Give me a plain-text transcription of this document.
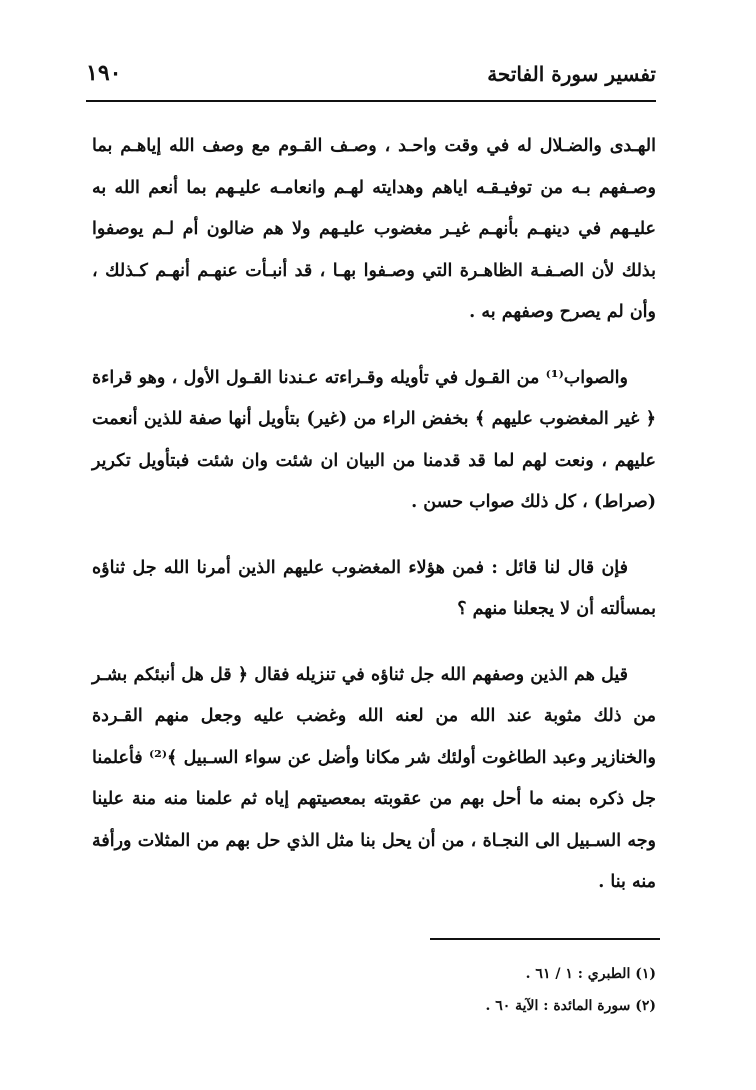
تفسير سورة الفاتحة
١٩٠

الهـدى والضـلال له في وقت واحـد ، وصـف القـوم مع وصف الله إياهـم بما وصـفهم بـه من توفيـقـه اياهم وهدايته لهـم وانعامـه عليـهم بما أنعم الله به عليـهم في دينهـم بأنهـم غيـر مغضوب عليـهم ولا هم ضالون أم لـم يوصفوا بذلك لأن الصـفـة الظاهـرة التي وصـفوا بهـا ، قد أنبـأت عنهـم أنهـم كـذلك ، وأن لم يصرح وصفهم به .

والصواب⁽¹⁾ من القـول في تأويله وقـراءته عـندنا القـول الأول ، وهو قراءة ﴿ غير المغضوب عليهم ﴾ بخفض الراء من (غير) بتأويل أنها صفة للذين أنعمت عليهم ، ونعت لهم لما قد قدمنا من البيان ان شئت وان شئت فبتأويل تكرير (صراط) ، كل ذلك صواب حسن .

فإن قال لنا قائل : فمن هؤلاء المغضوب عليهم الذين أمرنا الله جل ثناؤه بمسألته أن لا يجعلنا منهم ؟

قيل هم الذين وصفهم الله جل ثناؤه في تنزيله فقال ﴿ قل هل أنبئكم بشـر من ذلك مثوبة عند الله من لعنه الله وغضب عليه وجعل منهم القـردة والخنازير وعبد الطاغوت أولئك شر مكانا وأضل عن سواء السـبيل ﴾⁽²⁾ فأعلمنا جل ذكره بمنه ما أحل بهم من عقوبته بمعصيتهم إياه ثم علمنا منه منة علينا وجه السـبيل الى النجـاة ، من أن يحل بنا مثل الذي حل بهم من المثلات ورأفة منه بنا .

(١) الطبري : ١ / ٦١ .

(٢) سورة المائدة : الآية ٦٠ .
